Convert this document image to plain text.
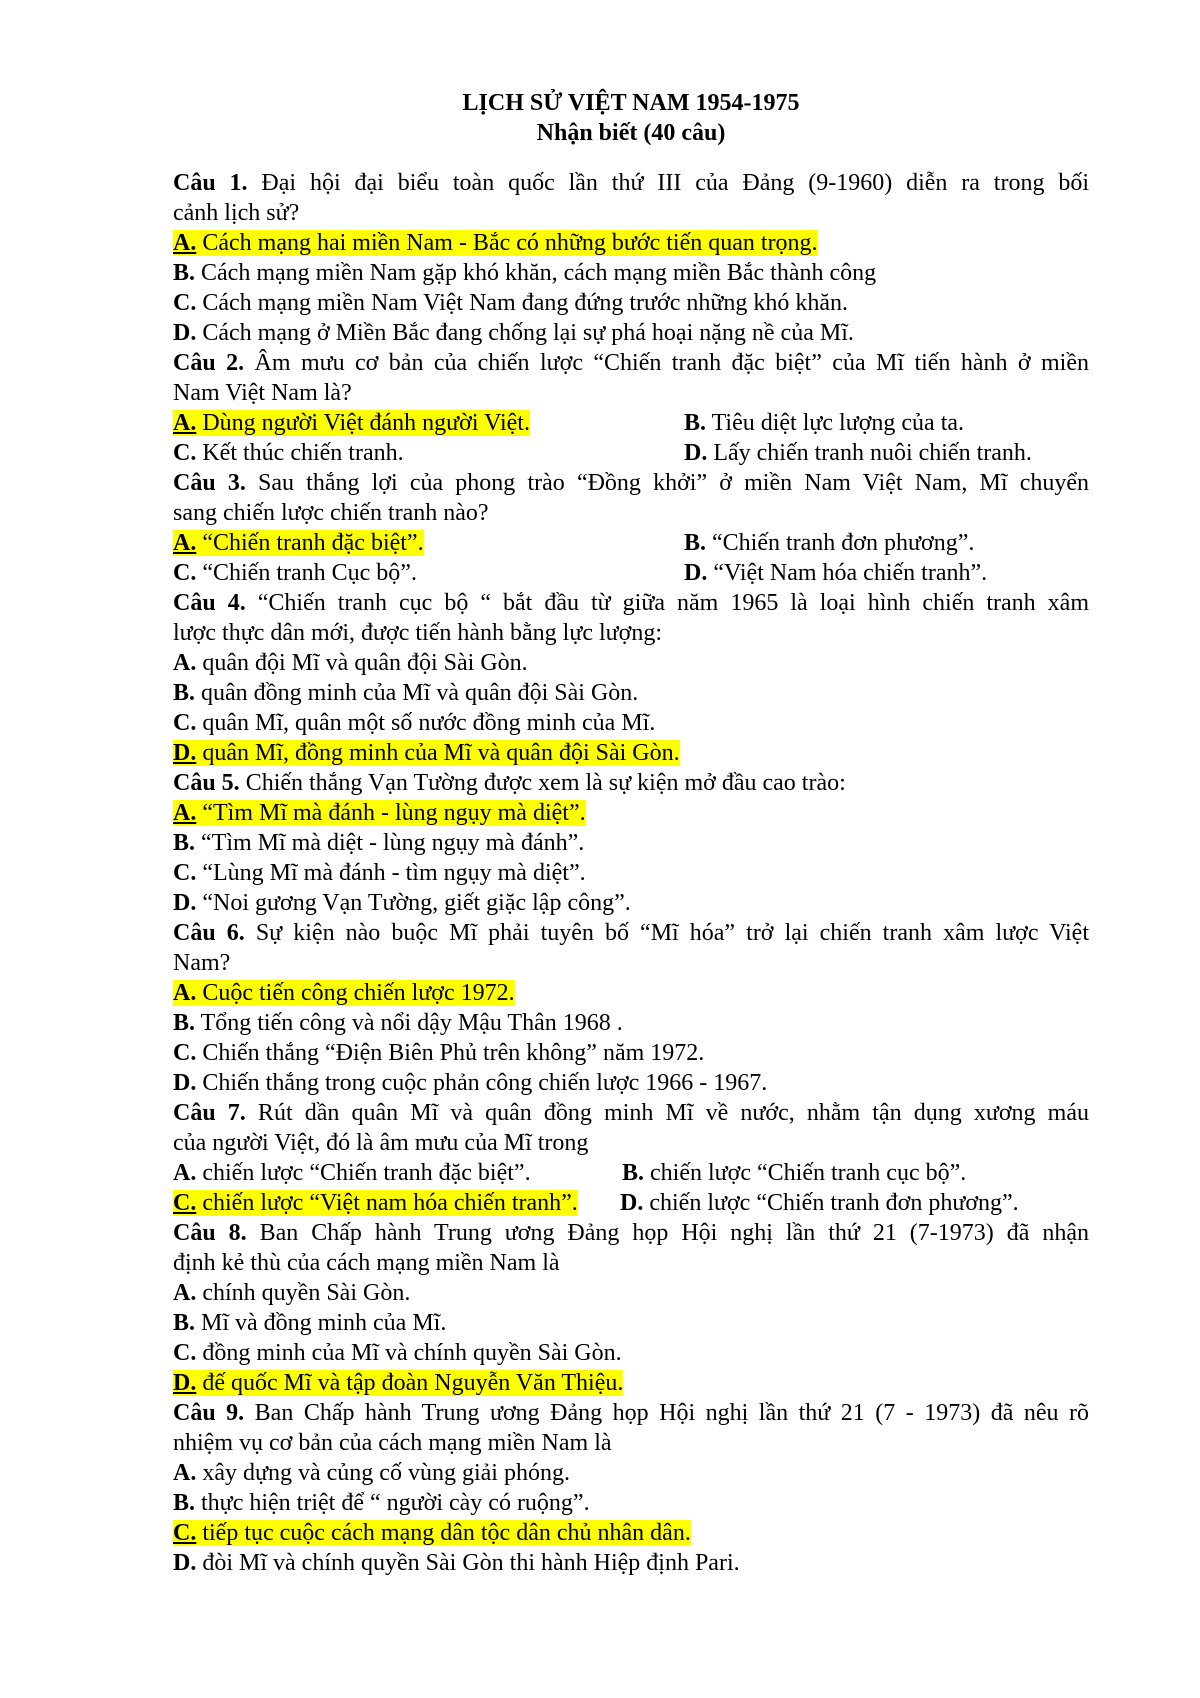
LỊCH SỬ VIỆT NAM 1954-1975
Nhận biết (40 câu)
Câu 1. Đại hội đại biểu toàn quốc lần thứ III của Đảng (9-1960) diễn ra trong bối
cảnh lịch sử?
A. Cách mạng hai miền Nam - Bắc có những bước tiến quan trọng.
B. Cách mạng miền Nam gặp khó khăn, cách mạng miền Bắc thành công
C. Cách mạng miền Nam Việt Nam đang đứng trước những khó khăn.
D. Cách mạng ở Miền Bắc đang chống lại sự phá hoại nặng nề của Mĩ.
Câu 2. Âm mưu cơ bản của chiến lược “Chiến tranh đặc biệt” của Mĩ tiến hành ở miền
Nam Việt Nam là?
A. Dùng người Việt đánh người Việt.	B. Tiêu diệt lực lượng của ta.
C. Kết thúc chiến tranh.	D. Lấy chiến tranh nuôi chiến tranh.
Câu 3. Sau thắng lợi của phong trào “Đồng khởi” ở miền Nam Việt Nam, Mĩ chuyển
sang chiến lược chiến tranh nào?
A. “Chiến tranh đặc biệt”.	B. “Chiến tranh đơn phương”.
C. “Chiến tranh Cục bộ”.	D. “Việt Nam hóa chiến tranh”.
Câu 4. “Chiến tranh cục bộ “ bắt đầu từ giữa năm 1965 là loại hình chiến tranh xâm
lược thực dân mới, được tiến hành bằng lực lượng:
A. quân đội Mĩ và quân đội Sài Gòn.
B. quân đồng minh của Mĩ và quân đội Sài Gòn.
C. quân Mĩ, quân một số nước đồng minh của Mĩ.
D. quân Mĩ, đồng minh của Mĩ và quân đội Sài Gòn.
Câu 5. Chiến thắng Vạn Tường được xem là sự kiện mở đầu cao trào:
A. “Tìm Mĩ mà đánh - lùng ngụy mà diệt”.
B. “Tìm Mĩ mà diệt - lùng ngụy mà đánh”.
C. “Lùng Mĩ mà đánh - tìm ngụy mà diệt”.
D. “Noi gương Vạn Tường, giết giặc lập công”.
Câu 6. Sự kiện nào buộc Mĩ phải tuyên bố “Mĩ hóa” trở lại chiến tranh xâm lược Việt
Nam?
A. Cuộc tiến công chiến lược 1972.
B. Tổng tiến công và nổi dậy Mậu Thân 1968 .
C. Chiến thắng “Điện Biên Phủ trên không” năm 1972.
D. Chiến thắng trong cuộc phản công chiến lược 1966 - 1967.
Câu 7. Rút dần quân Mĩ và quân đồng minh Mĩ về nước, nhằm tận dụng xương máu
của người Việt, đó là âm mưu của Mĩ trong
A. chiến lược “Chiến tranh đặc biệt”.	B. chiến lược “Chiến tranh cục bộ”.
C. chiến lược “Việt nam hóa chiến tranh”. D. chiến lược “Chiến tranh đơn phương”.
Câu 8. Ban Chấp hành Trung ương Đảng họp Hội nghị lần thứ 21 (7-1973) đã nhận
định kẻ thù của cách mạng miền Nam là
A. chính quyền Sài Gòn.
B. Mĩ và đồng minh của Mĩ.
C. đồng minh của Mĩ và chính quyền Sài Gòn.
D. đế quốc Mĩ và tập đoàn Nguyễn Văn Thiệu.
Câu 9. Ban Chấp hành Trung ương Đảng họp Hội nghị lần thứ 21 (7 - 1973) đã nêu rõ
nhiệm vụ cơ bản của cách mạng miền Nam là
A. xây dựng và củng cố vùng giải phóng.
B. thực hiện triệt để “ người cày có ruộng”.
C. tiếp tục cuộc cách mạng dân tộc dân chủ nhân dân.
D. đòi Mĩ và chính quyền Sài Gòn thi hành Hiệp định Pari.
